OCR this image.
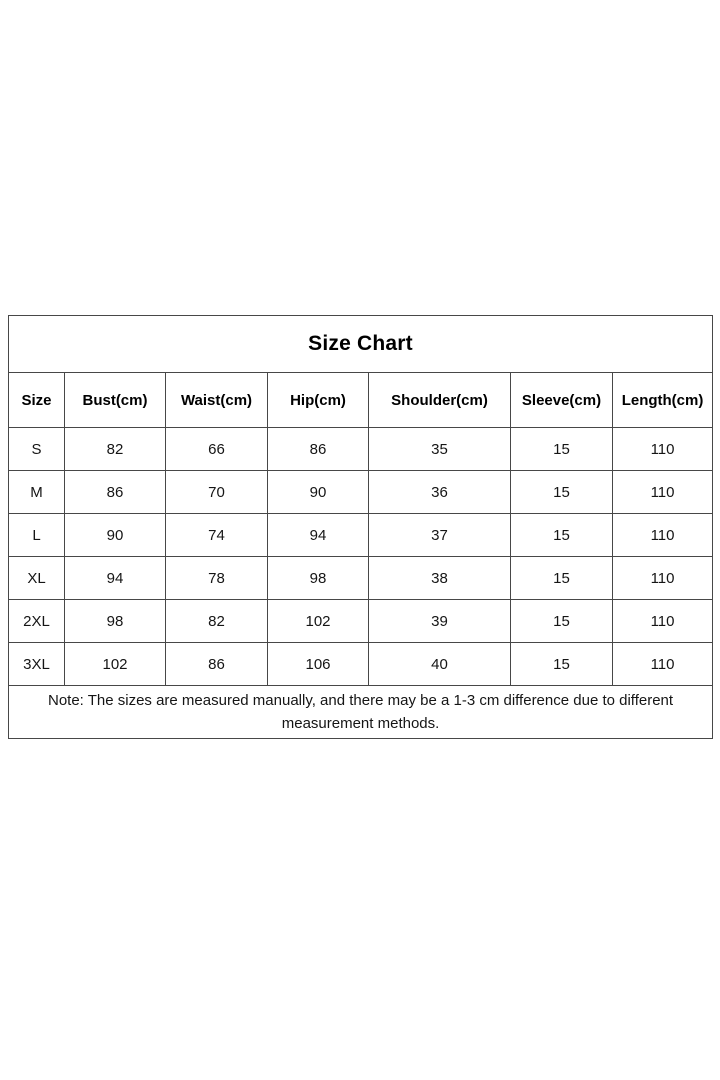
Size Chart						
Size	Bust(cm)	Waist(cm)	Hip(cm)	Shoulder(cm)	Sleeve(cm)	Length(cm)
S	82	66	86	35	15	110
M	86	70	90	36	15	110
L	90	74	94	37	15	110
XL	94	78	98	38	15	110
2XL	98	82	102	39	15	110
3XL	102	86	106	40	15	110
Note: The sizes are measured manually, and there may be a 1-3 cm difference due to different measurement methods.						
